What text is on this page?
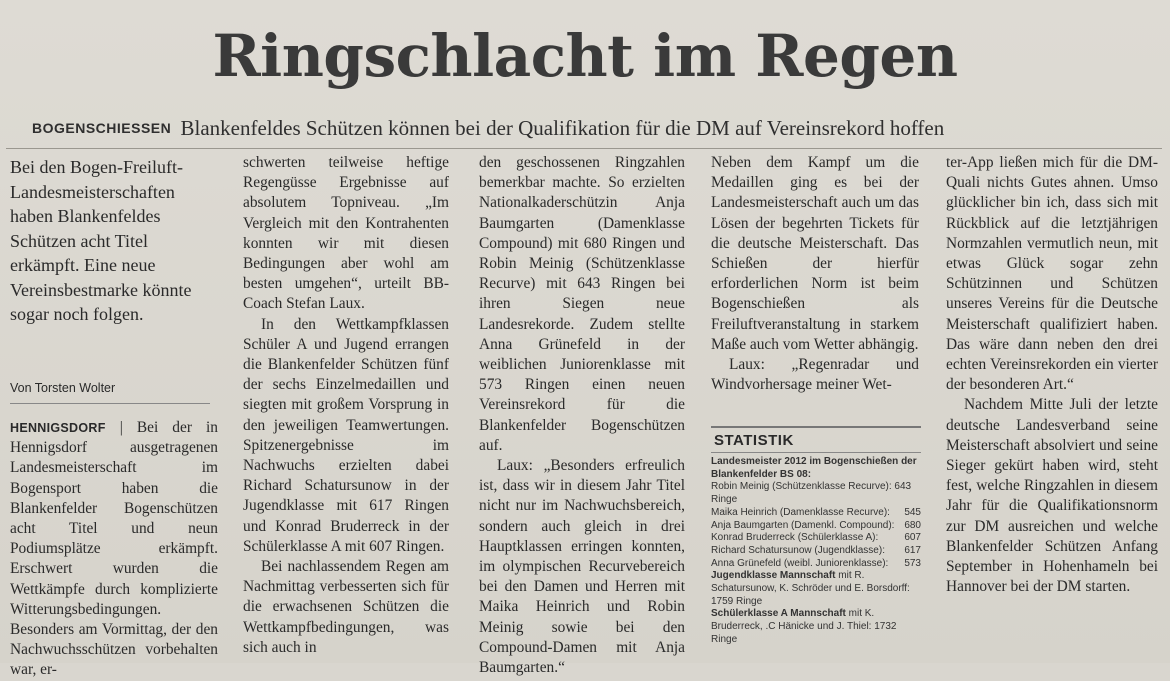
Ringschlacht im Regen
BOGENSCHIESSEN Blankenfeldes Schützen können bei der Qualifikation für die DM auf Vereinsrekord hoffen

Bei den Bogen-Freiluft-Landesmeisterschaften haben Blankenfeldes Schützen acht Titel erkämpft. Eine neue Vereinsbestmarke könnte sogar noch folgen.

Von Torsten Wolter

HENNIGSDORF | Bei der in Hennigsdorf ausgetragenen Landesmeisterschaft im Bogensport haben die Blankenfelder Bogenschützen acht Titel und neun Podiumsplätze erkämpft. Erschwert wurden die Wettkämpfe durch komplizierte Witterungsbedingungen. Besonders am Vormittag, der den Nachwuchsschützen vorbehalten war, er-

schwerten teilweise heftige Regengüsse Ergebnisse auf absolutem Topniveau. „Im Vergleich mit den Kontrahenten konnten wir mit diesen Bedingungen aber wohl am besten umgehen“, urteilt BB-Coach Stefan Laux.

In den Wettkampfklassen Schüler A und Jugend errangen die Blankenfelder Schützen fünf der sechs Einzelmedaillen und siegten mit großem Vorsprung in den jeweiligen Teamwertungen. Spitzenergebnisse im Nachwuchs erzielten dabei Richard Schatursunow in der Jugendklasse mit 617 Ringen und Konrad Bruderreck in der Schülerklasse A mit 607 Ringen.

Bei nachlassendem Regen am Nachmittag verbesserten sich für die erwachsenen Schützen die Wettkampfbedingungen, was sich auch in

den geschossenen Ringzahlen bemerkbar machte. So erzielten Nationalkaderschützin Anja Baumgarten (Damenklasse Compound) mit 680 Ringen und Robin Meinig (Schützenklasse Recurve) mit 643 Ringen bei ihren Siegen neue Landesrekorde. Zudem stellte Anna Grünefeld in der weiblichen Juniorenklasse mit 573 Ringen einen neuen Vereinsrekord für die Blankenfelder Bogenschützen auf.

Laux: „Besonders erfreulich ist, dass wir in diesem Jahr Titel nicht nur im Nachwuchsbereich, sondern auch gleich in drei Hauptklassen erringen konnten, im olympischen Recurvebereich bei den Damen und Herren mit Maika Heinrich und Robin Meinig sowie bei den Compound-Damen mit Anja Baumgarten.“

Neben dem Kampf um die Medaillen ging es bei der Landesmeisterschaft auch um das Lösen der begehrten Tickets für die deutsche Meisterschaft. Das Schießen der hierfür erforderlichen Norm ist beim Bogenschießen als Freiluftveranstaltung in starkem Maße auch vom Wetter abhängig.

Laux: „Regenradar und Windvorhersage meiner Wet-

STATISTIK
Landesmeister 2012 im Bogenschießen der Blankenfelder BS 08:
Robin Meinig (Schützenklasse Recurve): 643 Ringe
Maika Heinrich (Damenklasse Recurve): 545
Anja Baumgarten (Damenkl. Compound): 680
Konrad Bruderreck (Schülerklasse A):	607
Richard Schatursunow (Jugendklasse): 617
Anna Grünefeld (weibl. Juniorenklasse): 573
Jugendklasse Mannschaft mit R. Schatursunow, K. Schröder und E. Borsdorff: 1759 Ringe
Schülerklasse A Mannschaft mit K. Bruderreck, .C Hänicke und J. Thiel: 1732 Ringe

ter-App ließen mich für die DM-Quali nichts Gutes ahnen. Umso glücklicher bin ich, dass sich mit Rückblick auf die letztjährigen Normzahlen vermutlich neun, mit etwas Glück sogar zehn Schützinnen und Schützen unseres Vereins für die Deutsche Meisterschaft qualifiziert haben. Das wäre dann neben den drei echten Vereinsrekorden ein vierter der besonderen Art.“

Nachdem Mitte Juli der letzte deutsche Landesverband seine Meisterschaft absolviert und seine Sieger gekürt haben wird, steht fest, welche Ringzahlen in diesem Jahr für die Qualifikationsnorm zur DM ausreichen und welche Blankenfelder Schützen Anfang September in Hohenhameln bei Hannover bei der DM starten.
